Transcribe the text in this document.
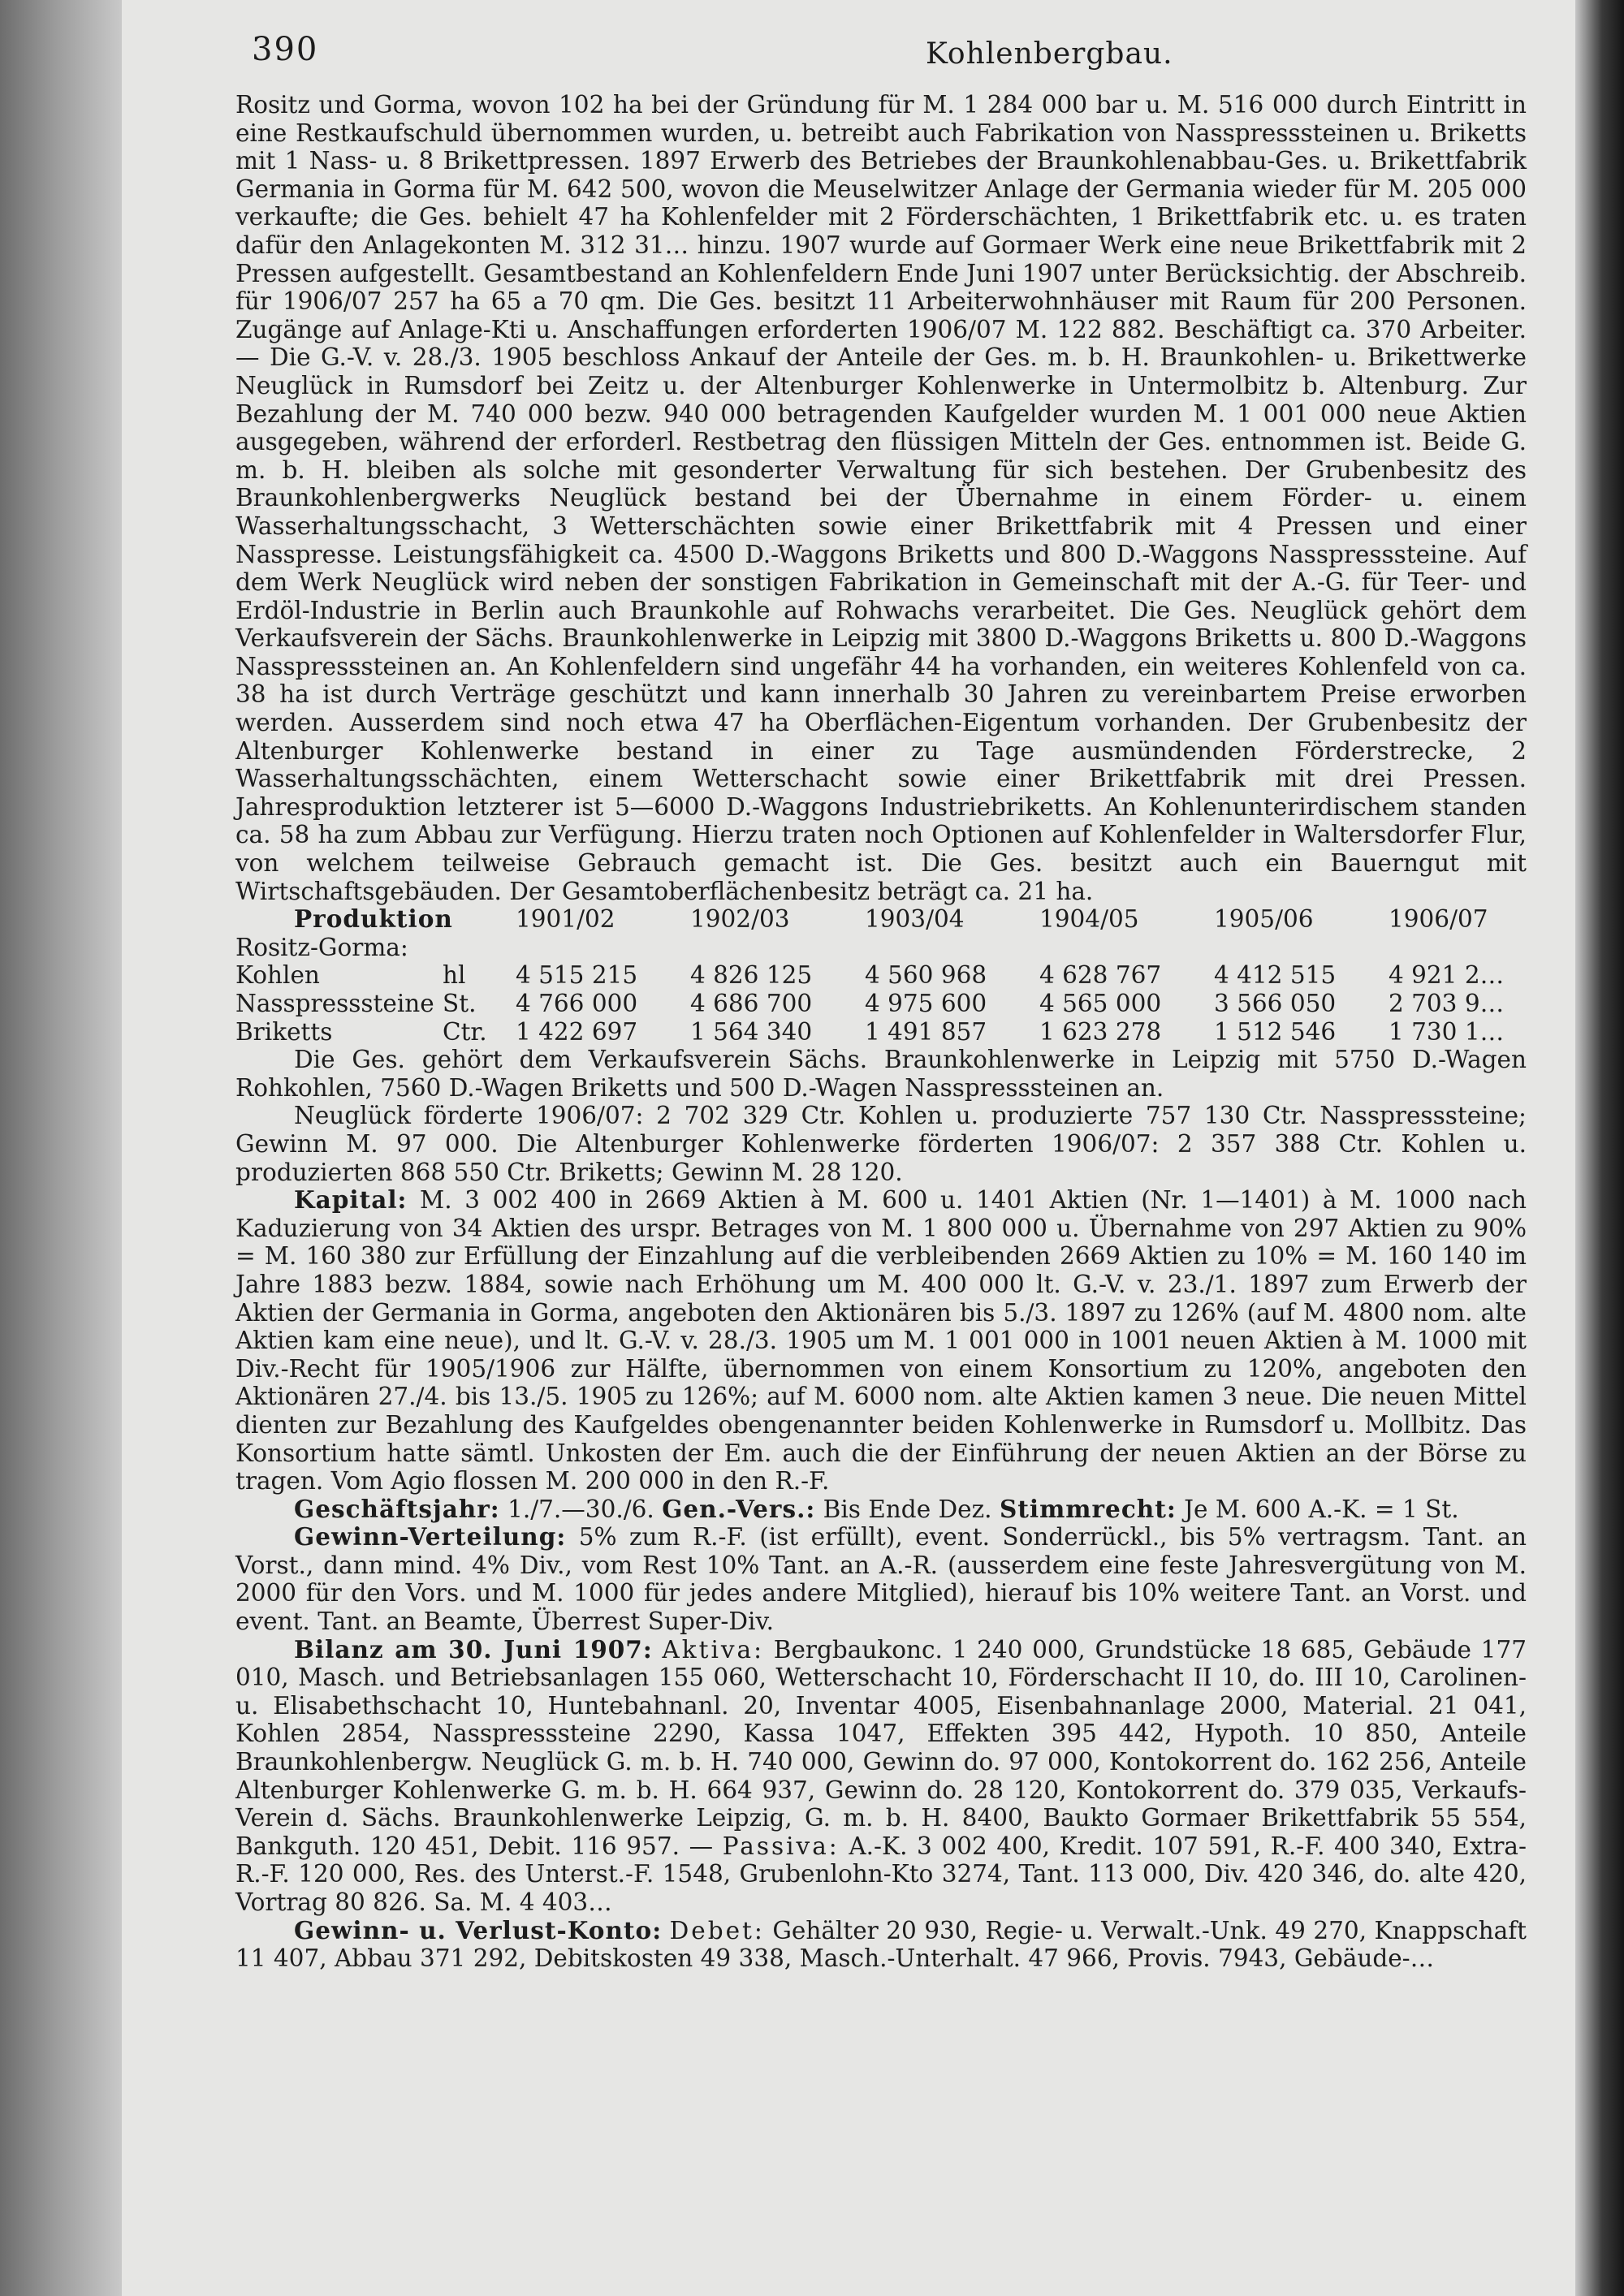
390	Kohlenbergbau.

Rositz und Gorma, wovon 102 ha bei der Gründung für M. 1 284 000 bar u. M. 516 000 durch Eintritt in eine Restkaufschuld übernommen wurden, u. betreibt auch Fabrikation von Nasspresssteinen u. Briketts mit 1 Nass- u. 8 Brikettpressen. 1897 Erwerb des Betriebes der Braunkohlenabbau-Ges. u. Brikettfabrik Germania in Gorma für M. 642 500, wovon die Meuselwitzer Anlage der Germania wieder für M. 205 000 verkaufte; die Ges. behielt 47 ha Kohlenfelder mit 2 Förderschächten, 1 Brikettfabrik etc. u. es traten dafür den Anlagekonten M. 312 31… hinzu. 1907 wurde auf Gormaer Werk eine neue Brikettfabrik mit 2 Pressen aufgestellt. Gesamtbestand an Kohlenfeldern Ende Juni 1907 unter Berücksichtig. der Abschreib. für 1906/07 257 ha 65 a 70 qm. Die Ges. besitzt 11 Arbeiterwohnhäuser mit Raum für 200 Personen. Zugänge auf Anlage-Kti u. Anschaffungen erforderten 1906/07 M. 122 882. Beschäftigt ca. 370 Arbeiter. — Die G.-V. v. 28./3. 1905 beschloss Ankauf der Anteile der Ges. m. b. H. Braunkohlen- u. Brikettwerke Neuglück in Rumsdorf bei Zeitz u. der Altenburger Kohlenwerke in Untermolbitz b. Altenburg. Zur Bezahlung der M. 740 000 bezw. 940 000 betragenden Kaufgelder wurden M. 1 001 000 neue Aktien ausgegeben, während der erforderl. Restbetrag den flüssigen Mitteln der Ges. entnommen ist. Beide G. m. b. H. bleiben als solche mit gesonderter Verwaltung für sich bestehen. Der Grubenbesitz des Braunkohlenbergwerks Neuglück bestand bei der Übernahme in einem Förder- u. einem Wasserhaltungsschacht, 3 Wetterschächten sowie einer Brikettfabrik mit 4 Pressen und einer Nasspresse. Leistungsfähigkeit ca. 4500 D.-Waggons Briketts und 800 D.-Waggons Nasspresssteine. Auf dem Werk Neuglück wird neben der sonstigen Fabrikation in Gemeinschaft mit der A.-G. für Teer- und Erdöl-Industrie in Berlin auch Braunkohle auf Rohwachs verarbeitet. Die Ges. Neuglück gehört dem Verkaufsverein der Sächs. Braunkohlenwerke in Leipzig mit 3800 D.-Waggons Briketts u. 800 D.-Waggons Nasspresssteinen an. An Kohlenfeldern sind ungefähr 44 ha vorhanden, ein weiteres Kohlenfeld von ca. 38 ha ist durch Verträge geschützt und kann innerhalb 30 Jahren zu vereinbartem Preise erworben werden. Ausserdem sind noch etwa 47 ha Oberflächen-Eigentum vorhanden. Der Grubenbesitz der Altenburger Kohlenwerke bestand in einer zu Tage ausmündenden Förderstrecke, 2 Wasserhaltungsschächten, einem Wetterschacht sowie einer Brikettfabrik mit drei Pressen. Jahresproduktion letzterer ist 5—6000 D.-Waggons Industriebriketts. An Kohlenunterirdischem standen ca. 58 ha zum Abbau zur Verfügung. Hierzu traten noch Optionen auf Kohlenfelder in Waltersdorfer Flur, von welchem teilweise Gebrauch gemacht ist. Die Ges. besitzt auch ein Bauerngut mit Wirtschaftsgebäuden. Der Gesamtoberflächenbesitz beträgt ca. 21 ha.

Produktion	1901/02	1902/03	1903/04	1904/05	1905/06	1906/07
Rositz-Gorma:
Kohlen	hl	4 515 215	4 826 125	4 560 968	4 628 767	4 412 515	4 921 2…
Nasspresssteine	St.	4 766 000	4 686 700	4 975 600	4 565 000	3 566 050	2 703 9…
Briketts	Ctr.	1 422 697	1 564 340	1 491 857	1 623 278	1 512 546	1 730 1…

Die Ges. gehört dem Verkaufsverein Sächs. Braunkohlenwerke in Leipzig mit 5750 D.-Wagen Rohkohlen, 7560 D.-Wagen Briketts und 500 D.-Wagen Nasspresssteinen an.

Neuglück förderte 1906/07: 2 702 329 Ctr. Kohlen u. produzierte 757 130 Ctr. Nasspresssteine; Gewinn M. 97 000. Die Altenburger Kohlenwerke förderten 1906/07: 2 357 388 Ctr. Kohlen u. produzierten 868 550 Ctr. Briketts; Gewinn M. 28 120.

Kapital: M. 3 002 400 in 2669 Aktien à M. 600 u. 1401 Aktien (Nr. 1—1401) à M. 1000 nach Kaduzierung von 34 Aktien des urspr. Betrages von M. 1 800 000 u. Übernahme von 297 Aktien zu 90% = M. 160 380 zur Erfüllung der Einzahlung auf die verbleibenden 2669 Aktien zu 10% = M. 160 140 im Jahre 1883 bezw. 1884, sowie nach Erhöhung um M. 400 000 lt. G.-V. v. 23./1. 1897 zum Erwerb der Aktien der Germania in Gorma, angeboten den Aktionären bis 5./3. 1897 zu 126% (auf M. 4800 nom. alte Aktien kam eine neue), und lt. G.-V. v. 28./3. 1905 um M. 1 001 000 in 1001 neuen Aktien à M. 1000 mit Div.-Recht für 1905/1906 zur Hälfte, übernommen von einem Konsortium zu 120%, angeboten den Aktionären 27./4. bis 13./5. 1905 zu 126%; auf M. 6000 nom. alte Aktien kamen 3 neue. Die neuen Mittel dienten zur Bezahlung des Kaufgeldes obengenannter beiden Kohlenwerke in Rumsdorf u. Mollbitz. Das Konsortium hatte sämtl. Unkosten der Em. auch die der Einführung der neuen Aktien an der Börse zu tragen. Vom Agio flossen M. 200 000 in den R.-F.

Geschäftsjahr: 1./7.—30./6. Gen.-Vers.: Bis Ende Dez. Stimmrecht: Je M. 600 A.-K. = 1 St.

Gewinn-Verteilung: 5% zum R.-F. (ist erfüllt), event. Sonderrückl., bis 5% vertragsm. Tant. an Vorst., dann mind. 4% Div., vom Rest 10% Tant. an A.-R. (ausserdem eine feste Jahresvergütung von M. 2000 für den Vors. und M. 1000 für jedes andere Mitglied), hierauf bis 10% weitere Tant. an Vorst. und event. Tant. an Beamte, Überrest Super-Div.

Bilanz am 30. Juni 1907: Aktiva: Bergbaukonc. 1 240 000, Grundstücke 18 685, Gebäude 177 010, Masch. und Betriebsanlagen 155 060, Wetterschacht 10, Förderschacht II 10, do. III 10, Carolinen- u. Elisabethschacht 10, Huntebahnanl. 20, Inventar 4005, Eisenbahnanlage 2000, Material. 21 041, Kohlen 2854, Nasspresssteine 2290, Kassa 1047, Effekten 395 442, Hypoth. 10 850, Anteile Braunkohlenbergw. Neuglück G. m. b. H. 740 000, Gewinn do. 97 000, Kontokorrent do. 162 256, Anteile Altenburger Kohlenwerke G. m. b. H. 664 937, Gewinn do. 28 120, Kontokorrent do. 379 035, Verkaufs-Verein d. Sächs. Braunkohlenwerke Leipzig, G. m. b. H. 8400, Baukto Gormaer Brikettfabrik 55 554, Bankguth. 120 451, Debit. 116 957. — Passiva: A.-K. 3 002 400, Kredit. 107 591, R.-F. 400 340, Extra-R.-F. 120 000, Res. des Unterst.-F. 1548, Grubenlohn-Kto 3274, Tant. 113 000, Div. 420 346, do. alte 420, Vortrag 80 826. Sa. M. 4 403…

Gewinn- u. Verlust-Konto: Debet: Gehälter 20 930, Regie- u. Verwalt.-Unk. 49 270, Knappschaft 11 407, Abbau 371 292, Debitskosten 49 338, Masch.-Unterhalt. 47 966, Provis. 7943, Gebäude-…
